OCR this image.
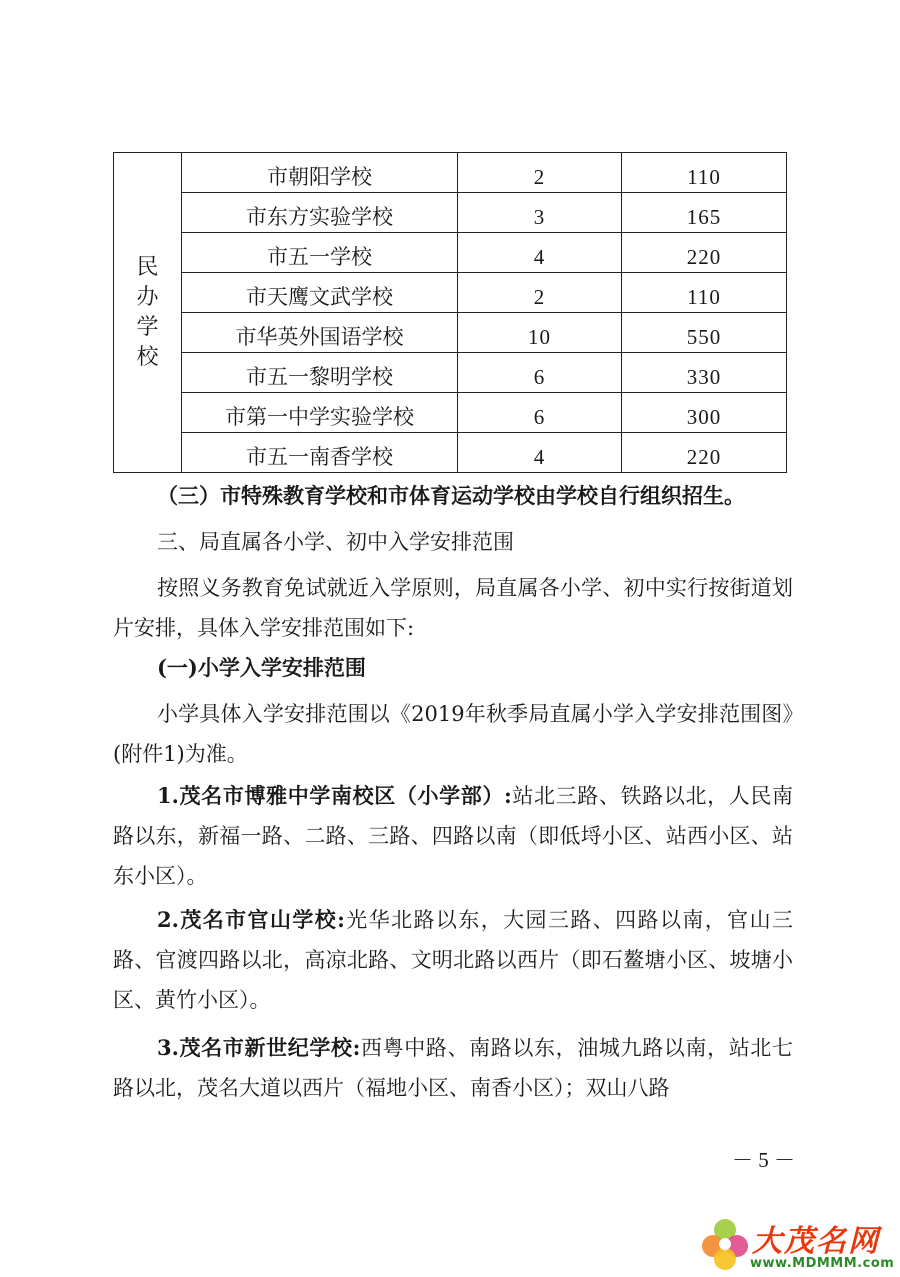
民办学校	市朝阳学校	2	110
	市东方实验学校	3	165
	市五一学校	4	220
	市天鹰文武学校	2	110
	市华英外国语学校	10	550
	市五一黎明学校	6	330
	市第一中学实验学校	6	300
	市五一南香学校	4	220
（三）市特殊教育学校和市体育运动学校由学校自行组织招生。
三、局直属各小学、初中入学安排范围
按照义务教育免试就近入学原则，局直属各小学、初中实行按街道划片安排，具体入学安排范围如下:
(一)小学入学安排范围
小学具体入学安排范围以《2019年秋季局直属小学入学安排范围图》(附件1)为准。
1.茂名市博雅中学南校区（小学部）:站北三路、铁路以北，人民南路以东，新福一路、二路、三路、四路以南（即低埒小区、站西小区、站东小区）。
2.茂名市官山学校:光华北路以东，大园三路、四路以南，官山三路、官渡四路以北，高凉北路、文明北路以西片（即石鳌塘小区、坡塘小区、黄竹小区）。
3.茂名市新世纪学校:西粤中路、南路以东，油城九路以南，站北七路以北，茂名大道以西片（福地小区、南香小区）；双山八路
－ 5 －
大茂名网
www.MDMMM.com
